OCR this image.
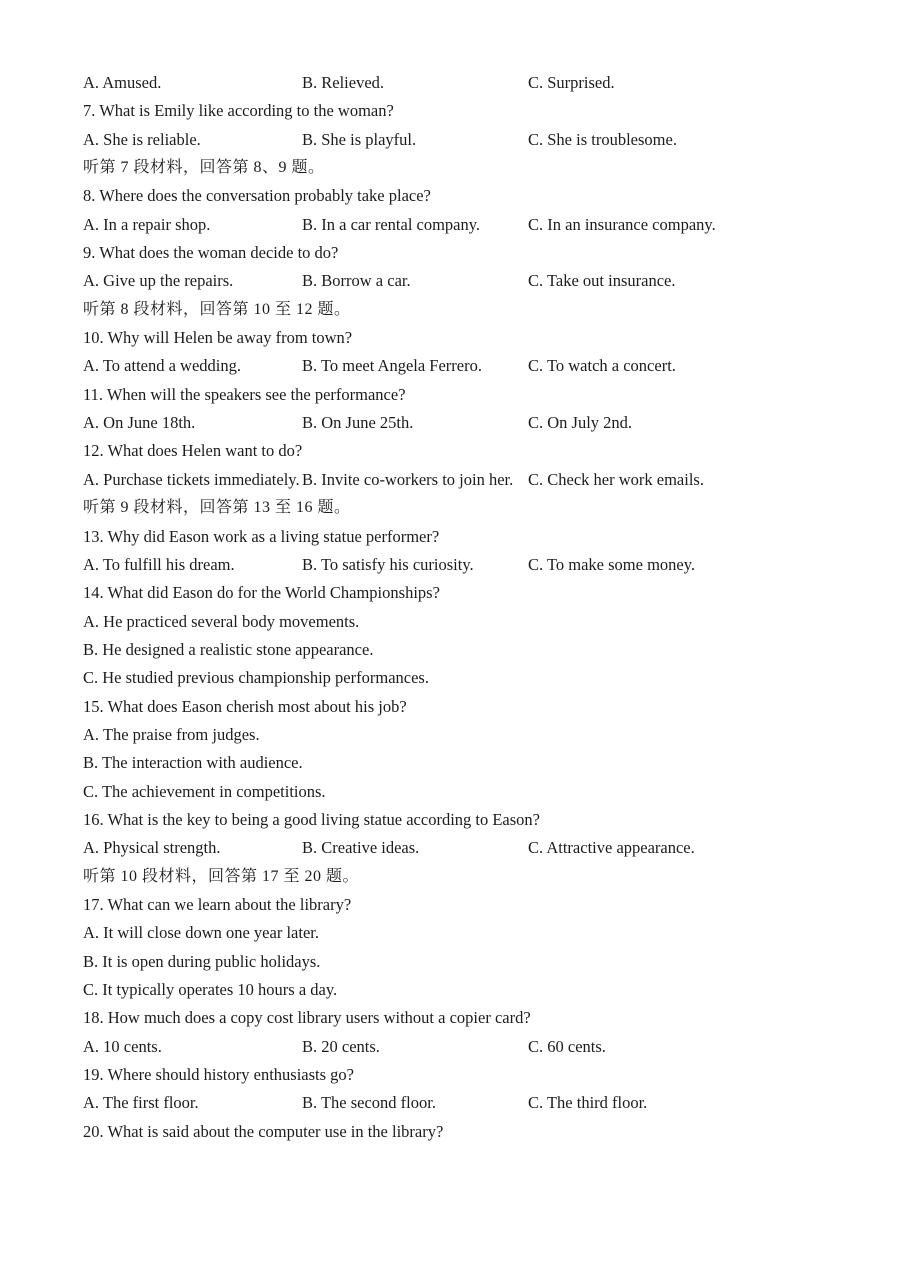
A. Amused.	B. Relieved.	C. Surprised.
7. What is Emily like according to the woman?
A. She is reliable.	B. She is playful.	C. She is troublesome.
听第 7 段材料，回答第 8、9 题。
8. Where does the conversation probably take place?
A. In a repair shop.	B. In a car rental company.	C. In an insurance company.
9. What does the woman decide to do?
A. Give up the repairs.	B. Borrow a car.	C. Take out insurance.
听第 8 段材料，回答第 10 至 12 题。
10. Why will Helen be away from town?
A. To attend a wedding.	B. To meet Angela Ferrero.	C. To watch a concert.
11. When will the speakers see the performance?
A. On June 18th.	B. On June 25th.	C. On July 2nd.
12. What does Helen want to do?
A. Purchase tickets immediately. B. Invite co-workers to join her. C. Check her work emails.
听第 9 段材料，回答第 13 至 16 题。
13. Why did Eason work as a living statue performer?
A. To fulfill his dream.	B. To satisfy his curiosity.	C. To make some money.
14. What did Eason do for the World Championships?
A. He practiced several body movements.
B. He designed a realistic stone appearance.
C. He studied previous championship performances.
15. What does Eason cherish most about his job?
A. The praise from judges.
B. The interaction with audience.
C. The achievement in competitions.
16. What is the key to being a good living statue according to Eason?
A. Physical strength.	B. Creative ideas.	C. Attractive appearance.
听第 10 段材料，回答第 17 至 20 题。
17. What can we learn about the library?
A. It will close down one year later.
B. It is open during public holidays.
C. It typically operates 10 hours a day.
18. How much does a copy cost library users without a copier card?
A. 10 cents.	B. 20 cents.	C. 60 cents.
19. Where should history enthusiasts go?
A. The first floor.	B. The second floor.	C. The third floor.
20. What is said about the computer use in the library?
